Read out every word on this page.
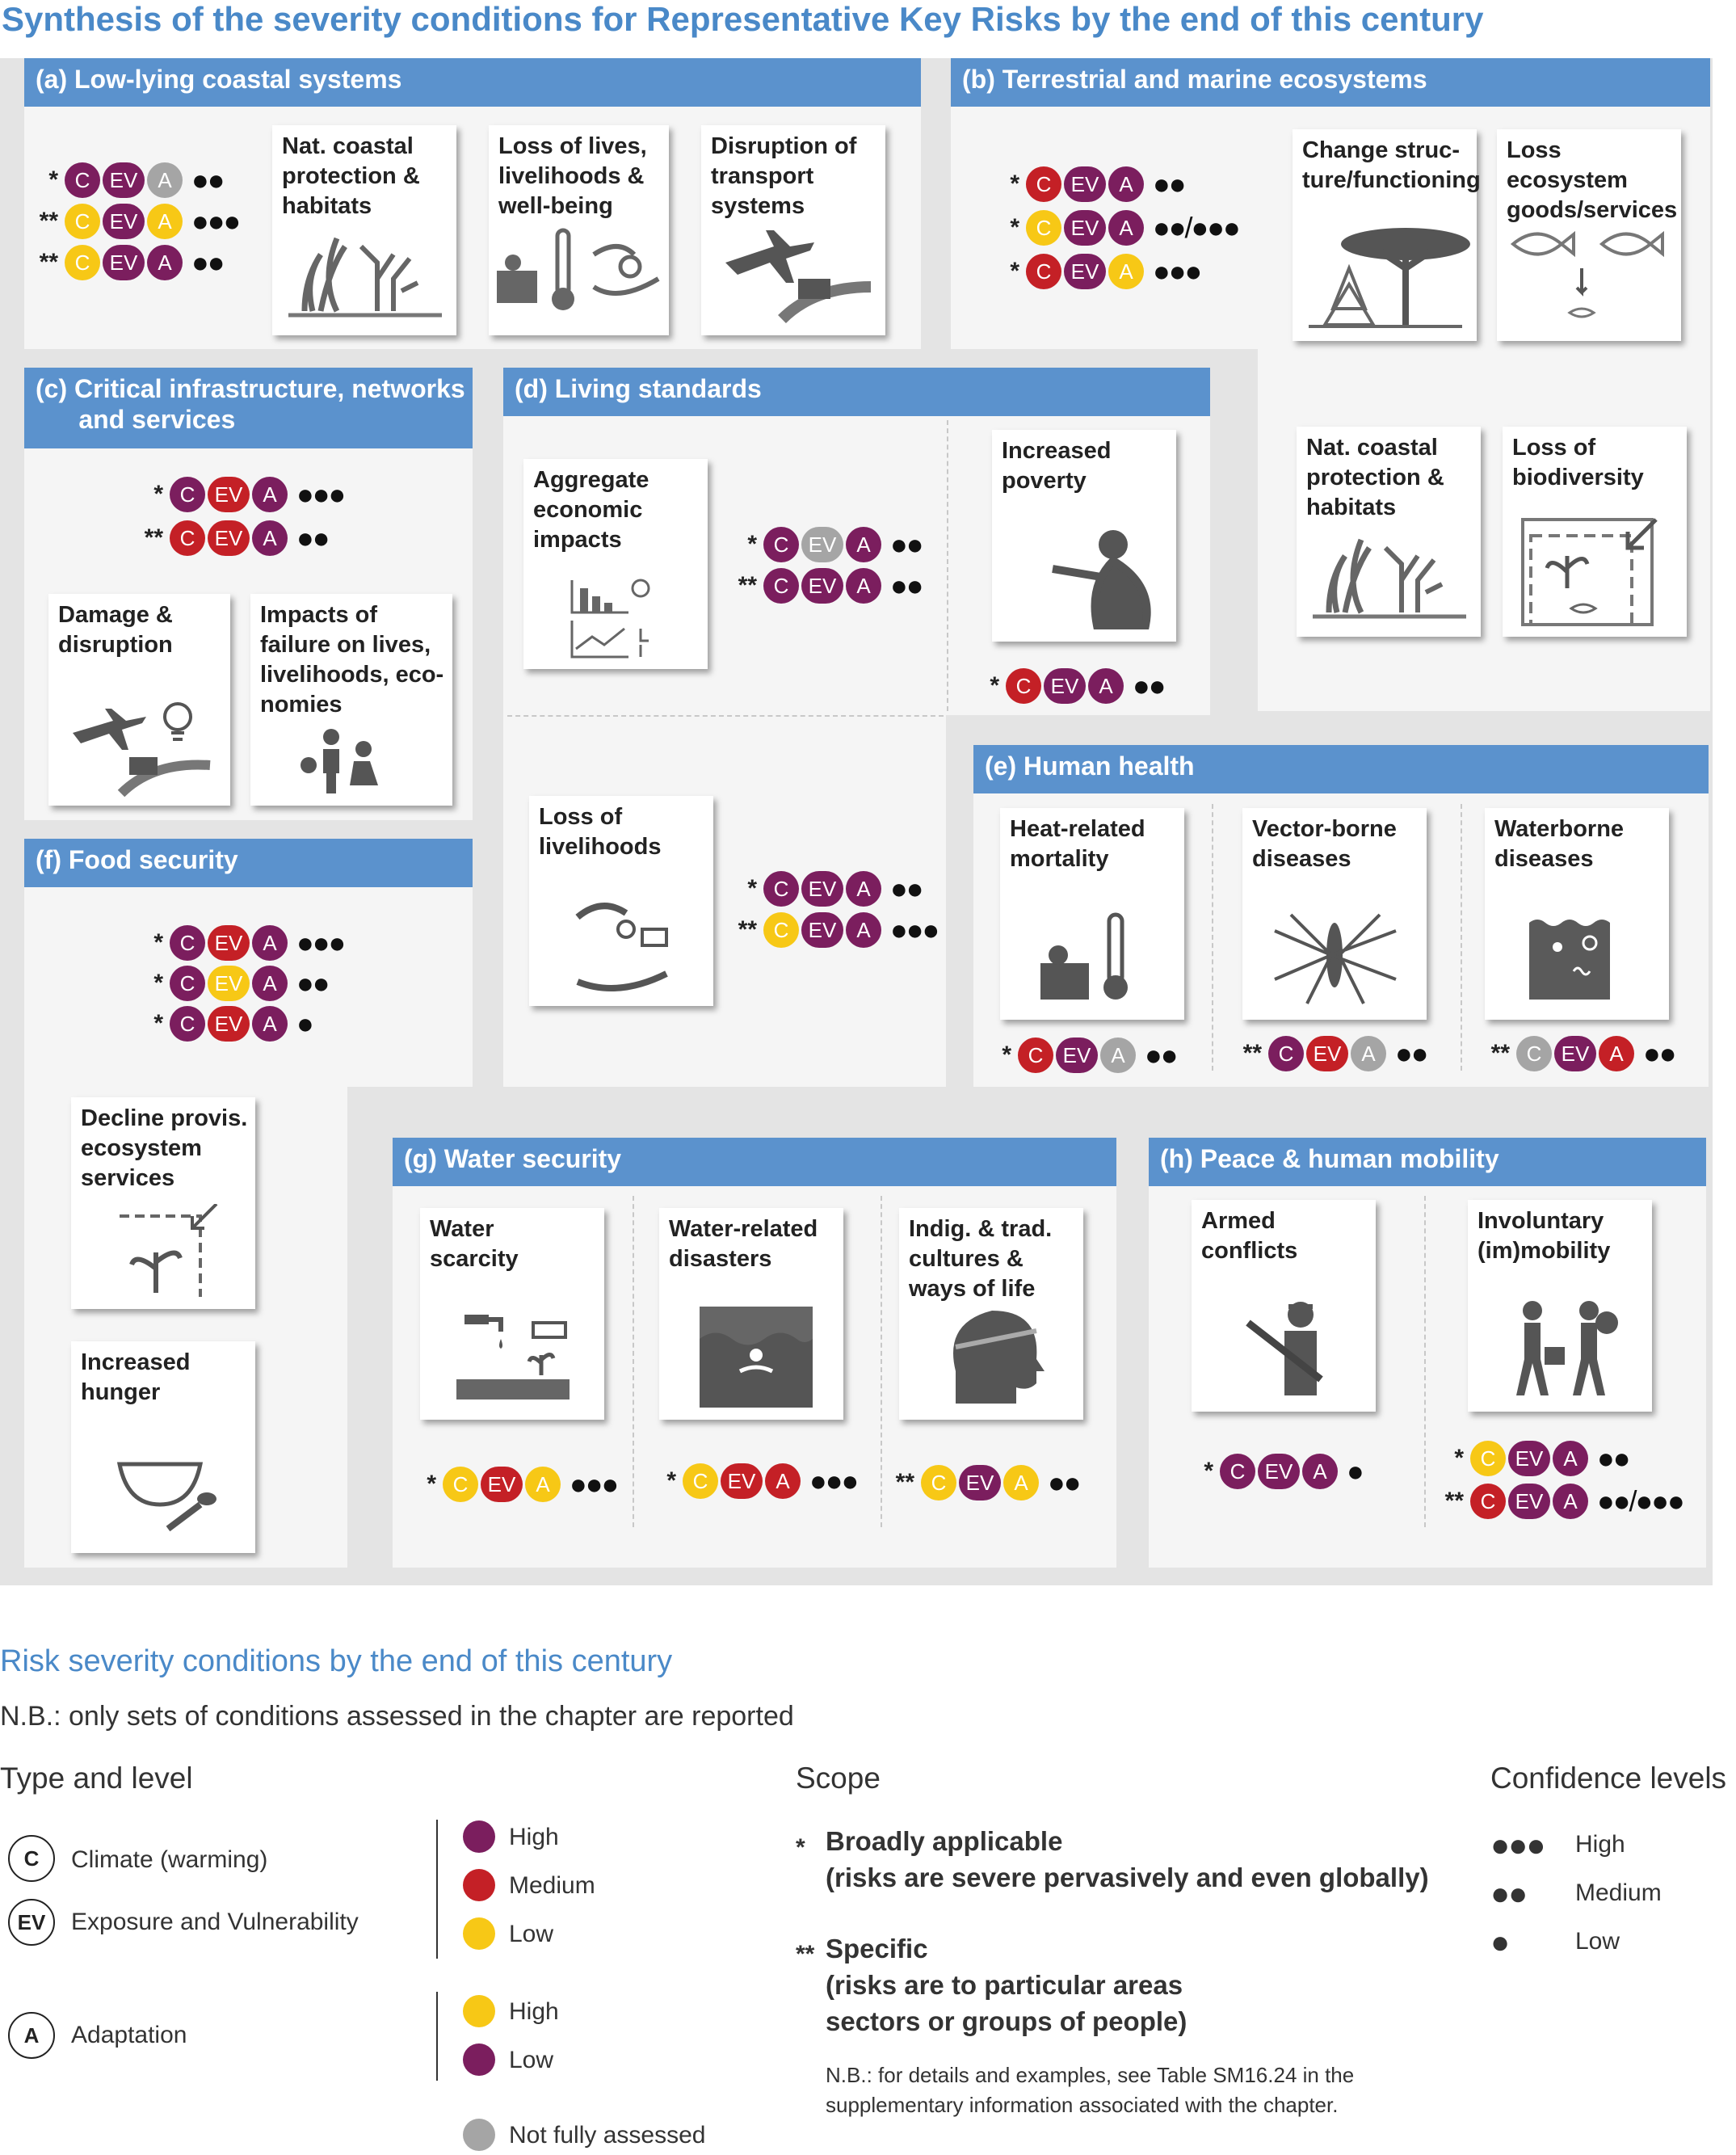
Synthesis of the severity conditions for Representative Key Risks by the end of this century
(a) Low-lying coastal systems	(b) Terrestrial and marine ecosystems
(c) Critical infrastructure, networks
and services
(d) Living standards
(e) Human health
(f) Food security
(g) Water security	(h) Peace & human mobility
Nat. coastal
protection &
habitats
Loss of lives,
livelihoods &
well-being
Disruption of
transport
systems
Change struc-
ture/functioning
Loss
ecosystem
goods/services
Nat. coastal
protection &
habitats
Loss of
biodiversity
Damage &
disruption
Impacts of
failure on lives,
livelihoods, eco-
nomies
Aggregate
economic
impacts
Increased
poverty
Loss of
livelihoods
Heat-related
mortality
Vector-borne
diseases
Waterborne
diseases
Decline provis.
ecosystem
services
Increased
hunger
Water
scarcity
Water-related
disasters
Indig. & trad.
cultures &
ways of life
Armed
conflicts
Involuntary
(im)mobility
* C EV A ●●
** C EV A ●●●
** C EV A ●●
* C EV A ●●
* C EV A ●●/●●●
* C EV A ●●●
* C EV A ●●●
** C EV A ●●	* C EV A ●●
** C EV A ●●
* C EV A ●●
* C EV A ●●
** C EV A ●●●
* C EV A ●●	** C EV A ●●	** C EV A ●●
* C EV A ●●●
* C EV A ●●
* C EV A ●
* C EV A ●●●	* C EV A ●●●	** C EV A ●●	* C EV A ●	* C EV A ●●
** C EV A ●●/●●●
Risk severity conditions by the end of this century
N.B.: only sets of conditions assessed in the chapter are reported
Type and level
C	Climate (warming)
EV	Exposure and Vulnerability
A	Adaptation
High
Medium
Low
High
Low
Not fully assessed
Scope
* Broadly applicable
(risks are severe pervasively and even globally)
** Specific
(risks are to particular areas
sectors or groups of people)
N.B.: for details and examples, see Table SM16.24 in the
supplementary information associated with the chapter.
Confidence levels
●●● High
●● Medium
●	Low
